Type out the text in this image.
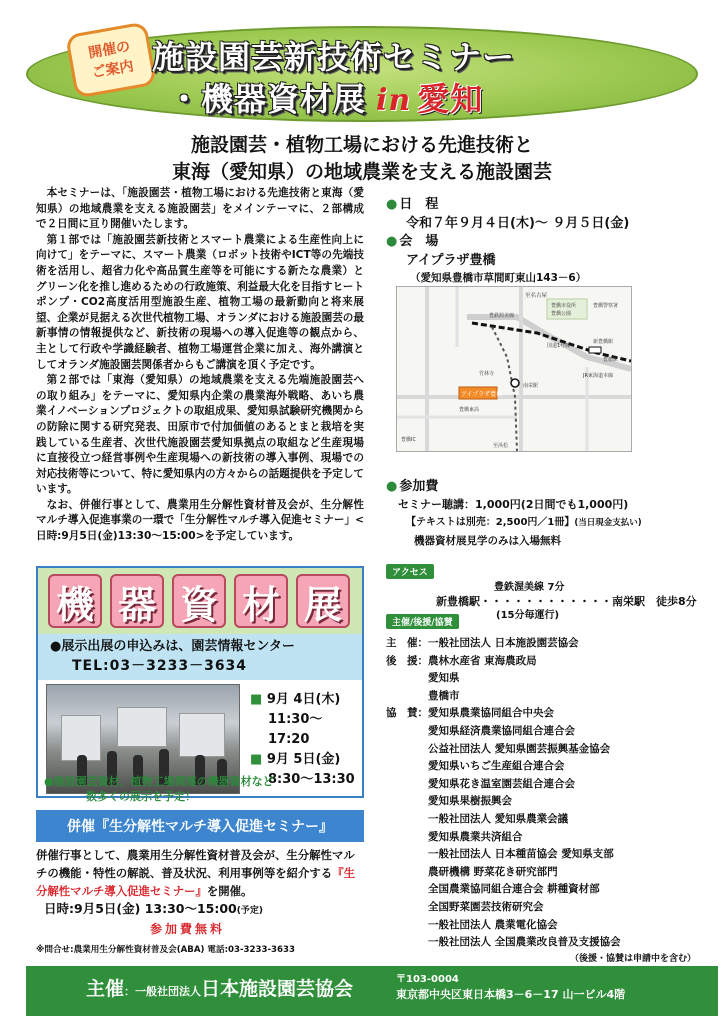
開催の
ご案内 施設園芸新技術セミナー
・機器資材展 in 愛知
施設園芸・植物工場における先進技術と
東海（愛知県）の地域農業を支える施設園芸

本セミナーは、「施設園芸・植物工場における先進技術と東海（愛知県）の地域農業を支える施設園芸」をメインテーマに、２部構成で２日間に亘り開催いたします。

第１部では「施設園芸新技術とスマート農業による生産性向上に向けて」をテーマに、スマート農業（ロボット技術やICT等の先端技術を活用し、超省力化や高品質生産等を可能にする新たな農業）とグリーン化を推し進めるための行政施策、利益最大化を目指すヒートポンプ・CO2高度活用型施設生産、植物工場の最新動向と将来展望、企業が見据える次世代植物工場、オランダにおける施設園芸の最新事情の情報提供など、新技術の現場への導入促進等の観点から、主として行政や学識経験者、植物工場運営企業に加え、海外講演としてオランダ施設園芸関係者からもご講演を頂く予定です。

第２部では「東海（愛知県）の地域農業を支える先端施設園芸への取り組み」をテーマに、愛知県内企業の農業海外戦略、あいち農業イノベーションプロジェクトの取組成果、愛知県試験研究機関からの防除に関する研究発表、田原市で付加価値のあるとまと栽培を実践している生産者、次世代施設園芸愛知県拠点の取組など生産現場に直接役立つ経営事例や生産現場への新技術の導入事例、現場での対応技術等について、特に愛知県内の方々からの話題提供を予定しています。

なお、併催行事として、農業用生分解性資材普及会が、生分解性マルチ導入促進事業の一環で「生分解性マルチ導入促進セミナー」<日時:9月5日(金)13:30～15:00>を予定しています。

● 日　程
令和７年９月４日(木)～ ９月５日(金)
● 会　場
アイプラザ豊橋
（愛知県豊橋市草間町東山143－6）
アイプラザ豊橋
至名古屋
豊橋市役所
豊橋公園
豊橋警察署
豊鉄渥美線
新豊橋駅
JR東海道本線
国道1号線
豊橋駅
竹林寺
南栄駅
豊橋東高
豊橋IC
至浜松
● 参加費
セミナー聴講：1,000円(2日間でも1,000円)
【テキストは別売：2,500円／1冊】(当日現金支払い)
機器資材展見学のみは入場無料
アクセス
豊鉄渥美線 7分
新豊橋駅・・・・・・・・・・・・南栄駅　徒歩8分
(15分毎運行)
主催/後援/協賛
主　催： 一般社団法人 日本施設園芸協会
後　援： 農林水産省 東海農政局
愛知県
豊橋市
協　賛： 愛知県農業協同組合中央会
愛知県経済農業協同組合連合会
公益社団法人 愛知県園芸振興基金協会
愛知県いちご生産組合連合会
愛知県花き温室園芸組合連合会
愛知県果樹振興会
一般社団法人 愛知県農業会議
愛知県農業共済組合
一般社団法人 日本種苗協会 愛知県支部
農研機構 野菜花き研究部門
全国農業協同組合連合会 耕種資材部
全国野菜園芸技術研究会
一般社団法人 農業電化協会
一般社団法人 全国農業改良普及支援協会
（後援・協賛は申請中を含む）
機 器 資 材 展
●展示出展の申込みは、園芸情報センター
TEL:03－3233－3634
■ 9月 4日(木)
11:30～17:20
■ 9月 5日(金)
8:30～13:30
●施設園芸資材、植物工場関連の機器資材など
数多くの展示を予定！
併催『生分解性マルチ導入促進セミナー』
併催行事として、農業用生分解性資材普及会が、生分解性マルチの機能・特性の解説、普及状況、利用事例等を紹介する『生分解性マルチ導入促進セミナー』を開催。
日時:9月5日(金) 13:30～15:00(予定)
参加費無料
※問合せ:農業用生分解性資材普及会(ABA) 電話:03-3233-3633
主催：一般社団法人日本施設園芸協会	〒103-0004
東京都中央区東日本橋3－6－17 山一ビル4階
